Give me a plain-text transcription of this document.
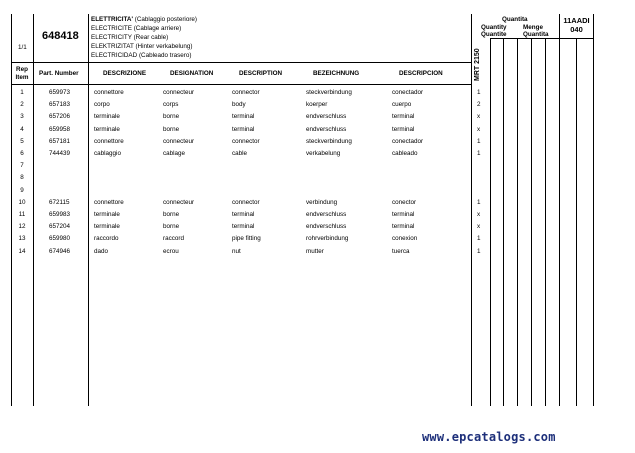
1/1
648418
ELETTRICITA' (Cablaggio posteriore)
ELECTRICITE (Cablage arriere)
ELECTRICITY (Rear cable)
ELEKTRIZITAT (Hinter verkabelung)
ELECTRICIDAD (Cableado trasero)
Quantita
Quantity	Menge
Quantite	Quantita
11AADI
040
MRT 2150
Rep
Item
Part. Number	DESCRIZIONE	DESIGNATION	DESCRIPTION	BEZEICHNUNG	DESCRIPCION
1	659973	connettore	connecteur	connector	steckverbindung	conectador	1
2	657183	corpo	corps	body	koerper	cuerpo	2
3	657206	terminale	borne	terminal	endverschluss	terminal	x
4	659958	terminale	borne	terminal	endverschluss	terminal	x
5	657181	connettore	connecteur	connector	steckverbindung	conectador	1
6	744439	cablaggio	cablage	cable	verkabelung	cableado	1
7
8
9
10	672115	connettore	connecteur	connector	verbindung	conector	1
11	659983	terminale	borne	terminal	endverschluss	terminal	x
12	657204	terminale	borne	terminal	endverschluss	terminal	x
13	659980	raccordo	raccord	pipe fitting	rohrverbindung	conexion	1
14	674946	dado	ecrou	nut	mutter	tuerca	1
www.epcatalogs.com
